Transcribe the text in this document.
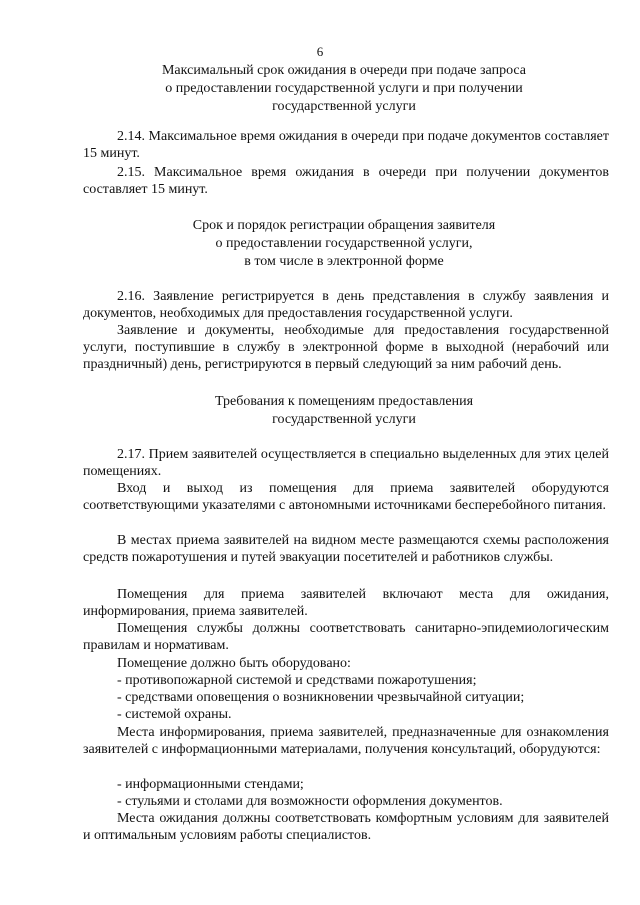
6
Максимальный срок ожидания в очереди при подаче запроса
о предоставлении государственной услуги и при получении
государственной услуги

2.14. Максимальное время ожидания в очереди при подаче документов составляет 15 минут.

2.15. Максимальное время ожидания в очереди при получении документов составляет 15 минут.

Срок и порядок регистрации обращения заявителя
о предоставлении государственной услуги,
в том числе в электронной форме

2.16. Заявление регистрируется в день представления в службу заявления и документов, необходимых для предоставления государственной услуги.

Заявление и документы, необходимые для предоставления государственной услуги, поступившие в службу в электронной форме в выходной (нерабочий или праздничный) день, регистрируются в первый следующий за ним рабочий день.

Требования к помещениям предоставления
государственной услуги

2.17. Прием заявителей осуществляется в специально выделенных для этих целей помещениях.

Вход и выход из помещения для приема заявителей оборудуются соответствующими указателями с автономными источниками бесперебойного питания.

В местах приема заявителей на видном месте размещаются схемы расположения средств пожаротушения и путей эвакуации посетителей и работников службы.

Помещения для приема заявителей включают места для ожидания, информирования, приема заявителей.

Помещения службы должны соответствовать санитарно-эпидемиологическим правилам и нормативам.

Помещение должно быть оборудовано:

- противопожарной системой и средствами пожаротушения;

- средствами оповещения о возникновении чрезвычайной ситуации;

- системой охраны.

Места информирования, приема заявителей, предназначенные для ознакомления заявителей с информационными материалами, получения консультаций, оборудуются:

- информационными стендами;

- стульями и столами для возможности оформления документов.

Места ожидания должны соответствовать комфортным условиям для заявителей и оптимальным условиям работы специалистов.
